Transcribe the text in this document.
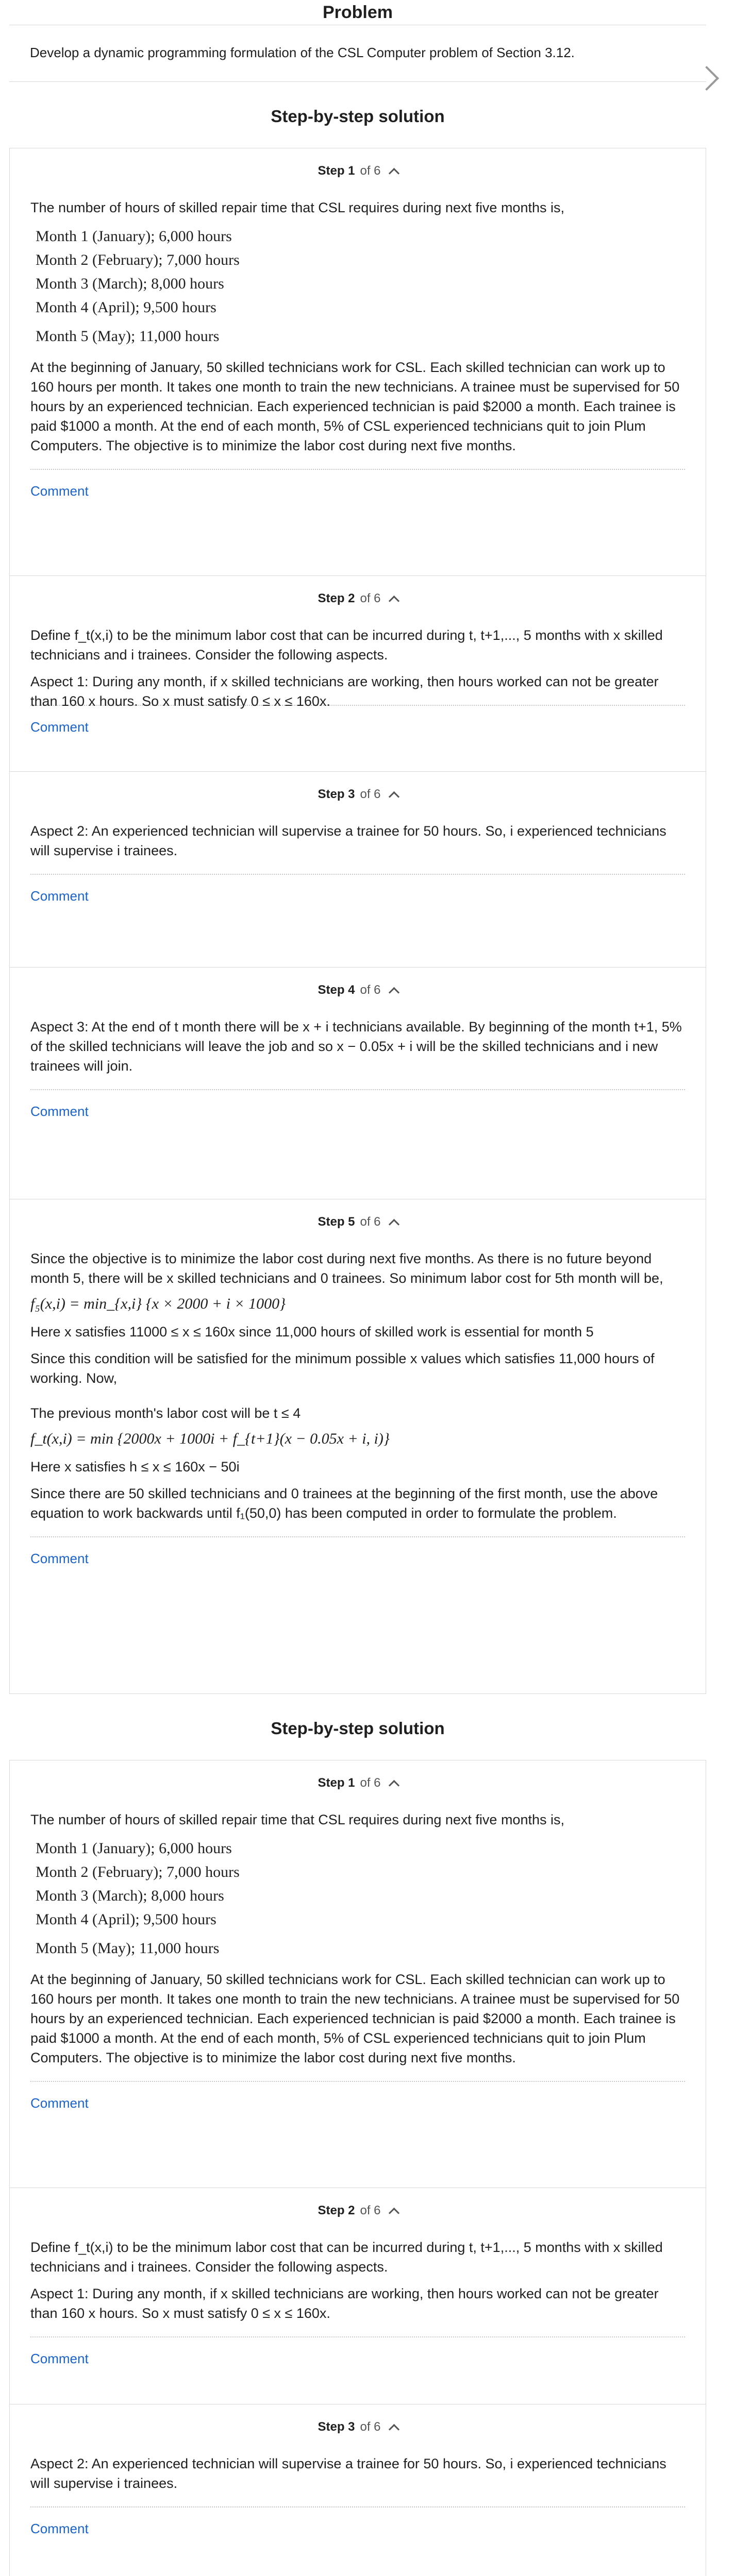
Problem
Develop a dynamic programming formulation of the CSL Computer problem of Section 3.12.
Step-by-step solution
Step 1 of 6

The number of hours of skilled repair time that CSL requires during next five months is,

Month 1 (January); 6,000 hours
Month 2 (February); 7,000 hours
Month 3 (March); 8,000 hours
Month 4 (April); 9,500 hours
Month 5 (May); 11,000 hours

At the beginning of January, 50 skilled technicians work for CSL. Each skilled technician can work up to 160 hours per month. It takes one month to train the new technicians. A trainee must be supervised for 50 hours by an experienced technician. Each experienced technician is paid $2000 a month. Each trainee is paid $1000 a month. At the end of each month, 5% of CSL experienced technicians quit to join Plum Computers. The objective is to minimize the labor cost during next five months.

Comment
Step 2 of 6

Define f_t(x,i) to be the minimum labor cost that can be incurred during t, t+1,..., 5 months with x skilled technicians and i trainees. Consider the following aspects.

Aspect 1: During any month, if x skilled technicians are working, then hours worked can not be greater than 160 x hours. So x must satisfy 0 ≤ x ≤ 160x.

Comment
Step 3 of 6

Aspect 2: An experienced technician will supervise a trainee for 50 hours. So, i experienced technicians will supervise i trainees.

Comment
Step 4 of 6

Aspect 3: At the end of t month there will be x + i technicians available. By beginning of the month t+1, 5% of the skilled technicians will leave the job and so x − 0.05x + i will be the skilled technicians and i new trainees will join.

Comment
Step 5 of 6

Since the objective is to minimize the labor cost during next five months. As there is no future beyond month 5, there will be x skilled technicians and 0 trainees. So minimum labor cost for 5th month will be,

f₅(x,i) = min_{x,i} {x × 2000 + i × 1000}

Here x satisfies 11000 ≤ x ≤ 160x since 11,000 hours of skilled work is essential for month 5

Since this condition will be satisfied for the minimum possible x values which satisfies 11,000 hours of working. Now,

The previous month's labor cost will be t ≤ 4

f_t(x,i) = min {2000x + 1000i + f_{t+1}(x − 0.05x + i, i)}

Here x satisfies h ≤ x ≤ 160x − 50i

Since there are 50 skilled technicians and 0 trainees at the beginning of the first month, use the above equation to work backwards until f₁(50,0) has been computed in order to formulate the problem.

Comment
Step-by-step solution
Step 1 of 6

The number of hours of skilled repair time that CSL requires during next five months is,

Month 1 (January); 6,000 hours
Month 2 (February); 7,000 hours
Month 3 (March); 8,000 hours
Month 4 (April); 9,500 hours
Month 5 (May); 11,000 hours

At the beginning of January, 50 skilled technicians work for CSL. Each skilled technician can work up to 160 hours per month. It takes one month to train the new technicians. A trainee must be supervised for 50 hours by an experienced technician. Each experienced technician is paid $2000 a month. Each trainee is paid $1000 a month. At the end of each month, 5% of CSL experienced technicians quit to join Plum Computers. The objective is to minimize the labor cost during next five months.

Comment
Step 2 of 6

Define f_t(x,i) to be the minimum labor cost that can be incurred during t, t+1,..., 5 months with x skilled technicians and i trainees. Consider the following aspects.

Aspect 1: During any month, if x skilled technicians are working, then hours worked can not be greater than 160 x hours. So x must satisfy 0 ≤ x ≤ 160x.

Comment
Step 3 of 6

Aspect 2: An experienced technician will supervise a trainee for 50 hours. So, i experienced technicians will supervise i trainees.

Comment
